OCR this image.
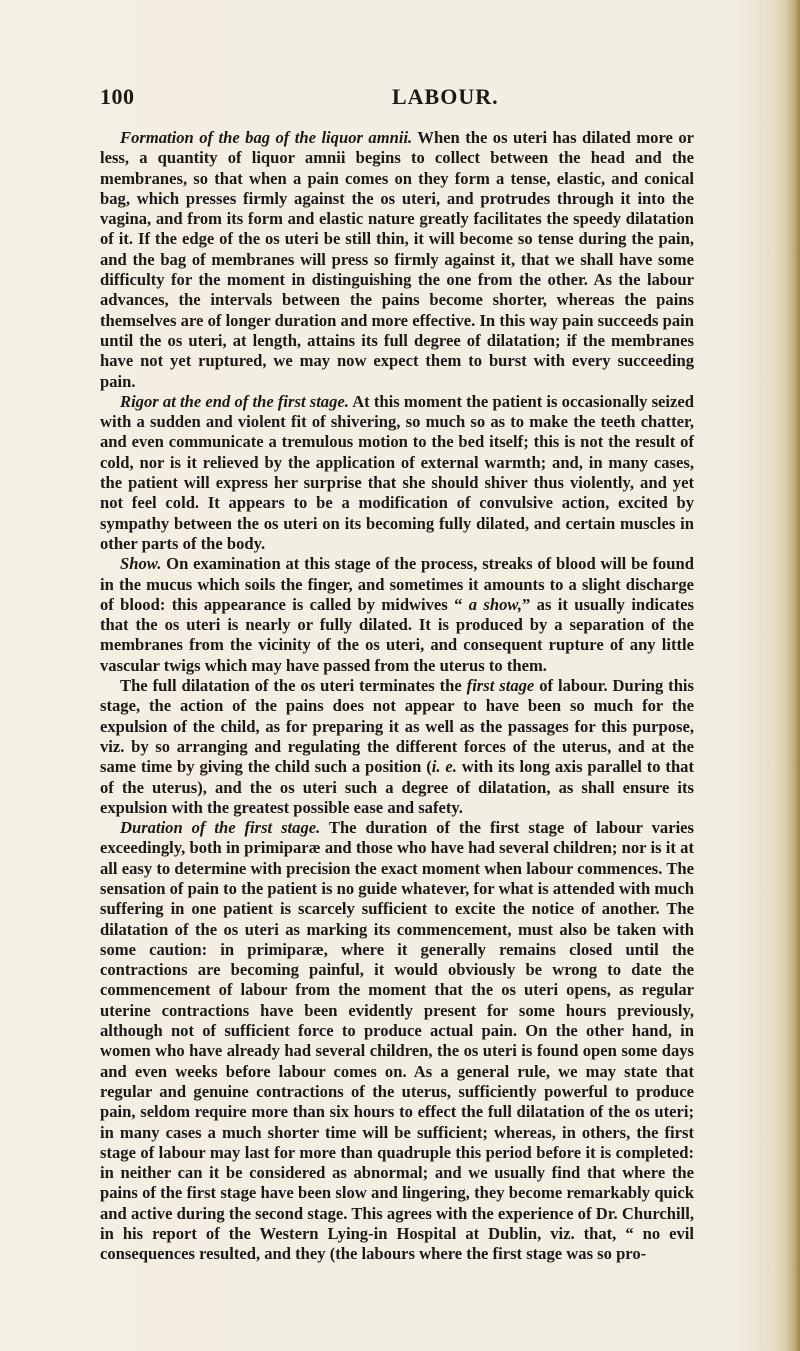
100	LABOUR.

Formation of the bag of the liquor amnii. When the os uteri has dilated more or less, a quantity of liquor amnii begins to collect between the head and the membranes, so that when a pain comes on they form a tense, elastic, and conical bag, which presses firmly against the os uteri, and protrudes through it into the vagina, and from its form and elastic nature greatly facilitates the speedy dilatation of it. If the edge of the os uteri be still thin, it will become so tense during the pain, and the bag of membranes will press so firmly against it, that we shall have some difficulty for the moment in distinguishing the one from the other. As the labour advances, the intervals between the pains become shorter, whereas the pains themselves are of longer duration and more effective. In this way pain succeeds pain until the os uteri, at length, attains its full degree of dilatation; if the membranes have not yet ruptured, we may now expect them to burst with every succeeding pain.

Rigor at the end of the first stage. At this moment the patient is occasionally seized with a sudden and violent fit of shivering, so much so as to make the teeth chatter, and even communicate a tremulous motion to the bed itself; this is not the result of cold, nor is it relieved by the application of external warmth; and, in many cases, the patient will express her surprise that she should shiver thus violently, and yet not feel cold. It appears to be a modification of convulsive action, excited by sympathy between the os uteri on its becoming fully dilated, and certain muscles in other parts of the body.

Show. On examination at this stage of the process, streaks of blood will be found in the mucus which soils the finger, and sometimes it amounts to a slight discharge of blood: this appearance is called by midwives “ a show,” as it usually indicates that the os uteri is nearly or fully dilated. It is produced by a separation of the membranes from the vicinity of the os uteri, and consequent rupture of any little vascular twigs which may have passed from the uterus to them.

The full dilatation of the os uteri terminates the first stage of labour. During this stage, the action of the pains does not appear to have been so much for the expulsion of the child, as for preparing it as well as the passages for this purpose, viz. by so arranging and regulating the different forces of the uterus, and at the same time by giving the child such a position (i. e. with its long axis parallel to that of the uterus), and the os uteri such a degree of dilatation, as shall ensure its expulsion with the greatest possible ease and safety.

Duration of the first stage. The duration of the first stage of labour varies exceedingly, both in primiparæ and those who have had several children; nor is it at all easy to determine with precision the exact moment when labour commences. The sensation of pain to the patient is no guide whatever, for what is attended with much suffering in one patient is scarcely sufficient to excite the notice of another. The dilatation of the os uteri as marking its commencement, must also be taken with some caution: in primiparæ, where it generally remains closed until the contractions are becoming painful, it would obviously be wrong to date the commencement of labour from the moment that the os uteri opens, as regular uterine contractions have been evidently present for some hours previously, although not of sufficient force to produce actual pain. On the other hand, in women who have already had several children, the os uteri is found open some days and even weeks before labour comes on. As a general rule, we may state that regular and genuine contractions of the uterus, sufficiently powerful to produce pain, seldom require more than six hours to effect the full dilatation of the os uteri; in many cases a much shorter time will be sufficient; whereas, in others, the first stage of labour may last for more than quadruple this period before it is completed: in neither can it be considered as abnormal; and we usually find that where the pains of the first stage have been slow and lingering, they become remarkably quick and active during the second stage. This agrees with the experience of Dr. Churchill, in his report of the Western Lying-in Hospital at Dublin, viz. that, “ no evil consequences resulted, and they (the labours where the first stage was so pro-
